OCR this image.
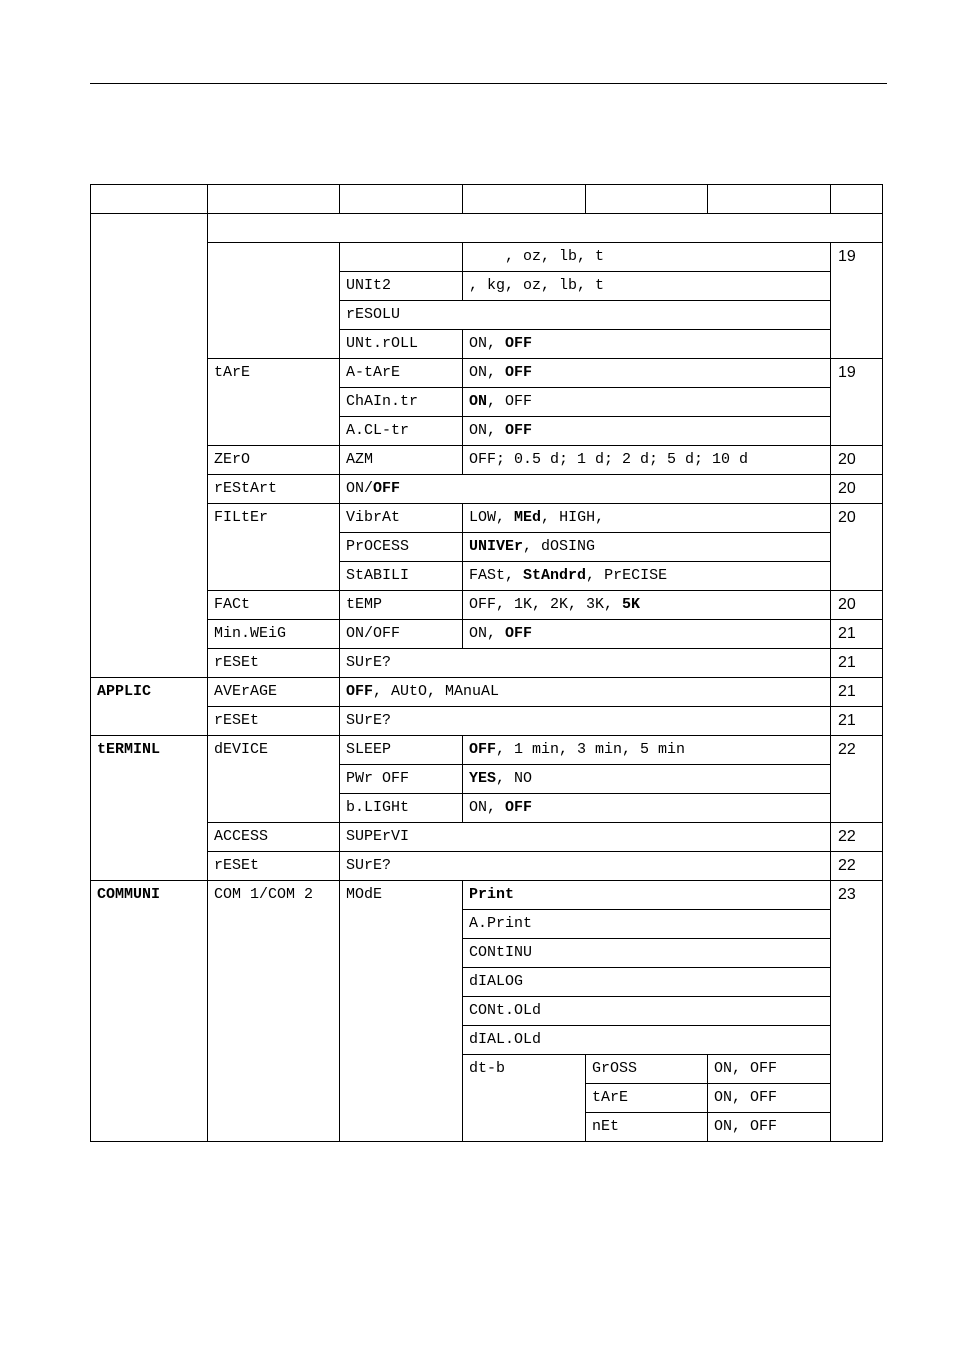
			, oz, lb, t			19
		UNIt2	, kg, oz, lb, t			
		rESOLU				
		UNt.rOLL	ON, OFF			
	tArE	A-tArE	ON, OFF			19
		ChAIn.tr	ON, OFF			
		A.CL-tr	ON, OFF			
	ZErO	AZM	OFF; 0.5 d; 1 d; 2 d; 5 d; 10 d			20
	rEStArt	ON/OFF				20
	FILtEr	VibrAt	LOW, MEd, HIGH,			20
		PrOCESS	UNIVEr, dOSING			
		StABILI	FASt, StAndrd, PrECISE			
	FACt	tEMP	OFF, 1K, 2K, 3K, 5K			20
	Min.WEiG	ON/OFF	ON, OFF			21
	rESEt	SUrE?				21
APPLIC	AVErAGE	OFF, AUtO, MAnuAL				21
	rESEt	SUrE?				21
tERMINL	dEVICE	SLEEP	OFF, 1 min, 3 min, 5 min			22
		PWr OFF	YES, NO			
		b.LIGHt	ON, OFF			
	ACCESS	SUPErVI				22
	rESEt	SUrE?				22
COMMUNI	COM 1/COM 2	MOdE	Print			23
			A.Print			
			CONtINU			
			dIALOG			
			CONt.OLd			
			dIAL.OLd			
			dt-b	GrOSS	ON, OFF	
				tArE	ON, OFF	
				nEt	ON, OFF	
